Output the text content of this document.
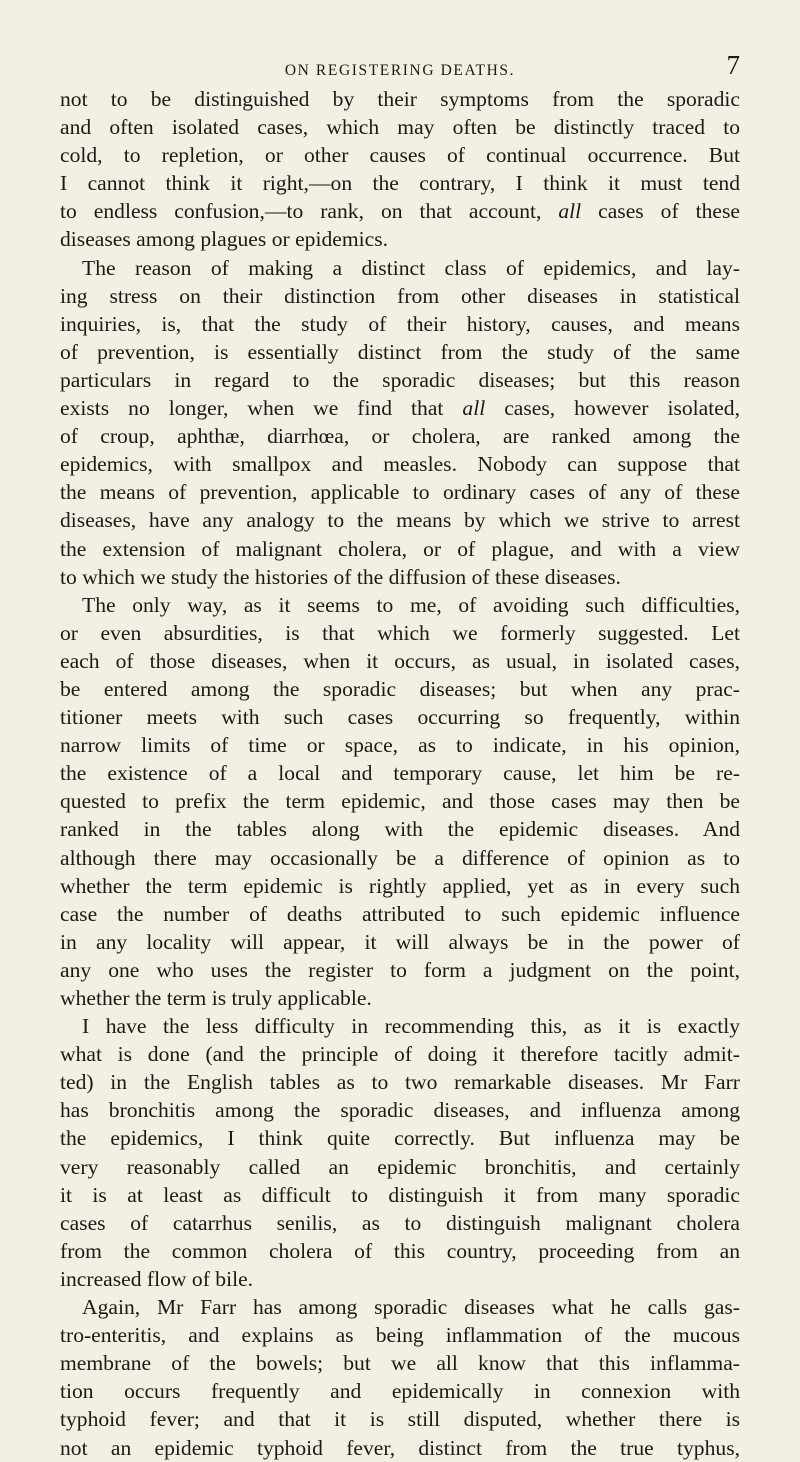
ON REGISTERING DEATHS.	7
not to be distinguished by their symptoms from the sporadic
and often isolated cases, which may often be distinctly traced to
cold, to repletion, or other causes of continual occurrence. But
I cannot think it right,—on the contrary, I think it must tend
to endless confusion,—to rank, on that account, all cases of these
diseases among plagues or epidemics.
The reason of making a distinct class of epidemics, and lay-
ing stress on their distinction from other diseases in statistical
inquiries, is, that the study of their history, causes, and means
of prevention, is essentially distinct from the study of the same
particulars in regard to the sporadic diseases; but this reason
exists no longer, when we find that all cases, however isolated,
of croup, aphthæ, diarrhœa, or cholera, are ranked among the
epidemics, with smallpox and measles. Nobody can suppose that
the means of prevention, applicable to ordinary cases of any of these
diseases, have any analogy to the means by which we strive to arrest
the extension of malignant cholera, or of plague, and with a view
to which we study the histories of the diffusion of these diseases.
The only way, as it seems to me, of avoiding such difficulties,
or even absurdities, is that which we formerly suggested. Let
each of those diseases, when it occurs, as usual, in isolated cases,
be entered among the sporadic diseases; but when any prac-
titioner meets with such cases occurring so frequently, within
narrow limits of time or space, as to indicate, in his opinion,
the existence of a local and temporary cause, let him be re-
quested to prefix the term epidemic, and those cases may then be
ranked in the tables along with the epidemic diseases. And
although there may occasionally be a difference of opinion as to
whether the term epidemic is rightly applied, yet as in every such
case the number of deaths attributed to such epidemic influence
in any locality will appear, it will always be in the power of
any one who uses the register to form a judgment on the point,
whether the term is truly applicable.
I have the less difficulty in recommending this, as it is exactly
what is done (and the principle of doing it therefore tacitly admit-
ted) in the English tables as to two remarkable diseases. Mr Farr
has bronchitis among the sporadic diseases, and influenza among
the epidemics, I think quite correctly. But influenza may be
very reasonably called an epidemic bronchitis, and certainly
it is at least as difficult to distinguish it from many sporadic
cases of catarrhus senilis, as to distinguish malignant cholera
from the common cholera of this country, proceeding from an
increased flow of bile.
Again, Mr Farr has among sporadic diseases what he calls gas-
tro-enteritis, and explains as being inflammation of the mucous
membrane of the bowels; but we all know that this inflamma-
tion occurs frequently and epidemically in connexion with
typhoid fever; and that it is still disputed, whether there is
not an epidemic typhoid fever, distinct from the true typhus,
